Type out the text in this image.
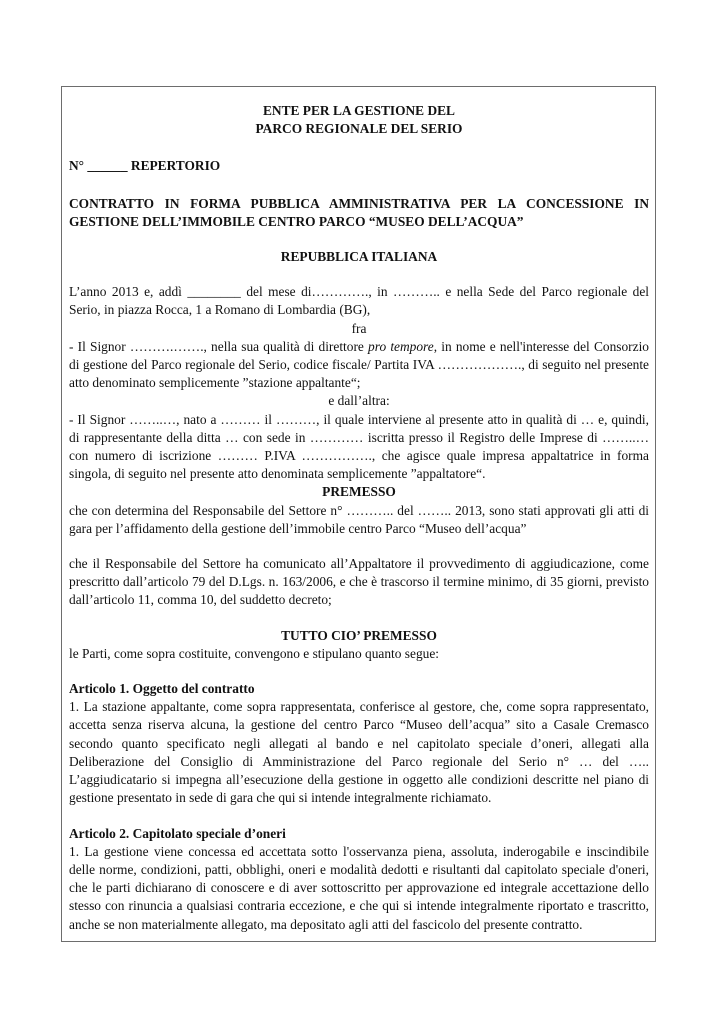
ENTE PER LA GESTIONE DEL

PARCO REGIONALE DEL SERIO

N° ______ REPERTORIO

CONTRATTO IN FORMA PUBBLICA AMMINISTRATIVA PER LA CONCESSIONE IN GESTIONE DELL’IMMOBILE CENTRO PARCO “MUSEO DELL’ACQUA”

REPUBBLICA ITALIANA

L’anno 2013 e, addì ________ del mese di…………., in ……….. e nella Sede del Parco regionale del Serio, in piazza Rocca, 1 a Romano di Lombardia (BG),

fra

- Il Signor ……….……., nella sua qualità di direttore pro tempore, in nome e nell'interesse del Consorzio di gestione del Parco regionale del Serio, codice fiscale/ Partita IVA ………………., di seguito nel presente atto denominato semplicemente ”stazione appaltante“;

e dall’altra:

- Il Signor ……..…, nato a ……… il ………, il quale interviene al presente atto in qualità di … e, quindi, di rappresentante della ditta … con sede in ………… iscritta presso il Registro delle Imprese di ……..…con numero di iscrizione ……… P.IVA ……………., che agisce quale impresa appaltatrice in forma singola, di seguito nel presente atto denominata semplicemente ”appaltatore“.

PREMESSO

che con determina del Responsabile del Settore n° ……….. del …….. 2013, sono stati approvati gli atti di gara per l’affidamento della gestione dell’immobile centro Parco “Museo dell’acqua”

che il Responsabile del Settore ha comunicato all’Appaltatore il provvedimento di aggiudicazione, come prescritto dall’articolo 79 del D.Lgs. n. 163/2006, e che è trascorso il termine minimo, di 35 giorni, previsto dall’articolo 11, comma 10, del suddetto decreto;

TUTTO CIO’ PREMESSO

le Parti, come sopra costituite, convengono e stipulano quanto segue:

Articolo 1. Oggetto del contratto

1. La stazione appaltante, come sopra rappresentata, conferisce al gestore, che, come sopra rappresentato, accetta senza riserva alcuna, la gestione del centro Parco “Museo dell’acqua” sito a Casale Cremasco secondo quanto specificato negli allegati al bando e nel capitolato speciale d’oneri, allegati alla Deliberazione del Consiglio di Amministrazione del Parco regionale del Serio n° … del ….. L’aggiudicatario si impegna all’esecuzione della gestione in oggetto alle condizioni descritte nel piano di gestione presentato in sede di gara che qui si intende integralmente richiamato.

Articolo 2. Capitolato speciale d’oneri

1. La gestione viene concessa ed accettata sotto l'osservanza piena, assoluta, inderogabile e inscindibile delle norme, condizioni, patti, obblighi, oneri e modalità dedotti e risultanti dal capitolato speciale d'oneri, che le parti dichiarano di conoscere e di aver sottoscritto per approvazione ed integrale accettazione dello stesso con rinuncia a qualsiasi contraria eccezione, e che qui si intende integralmente riportato e trascritto, anche se non materialmente allegato, ma depositato agli atti del fascicolo del presente contratto.
